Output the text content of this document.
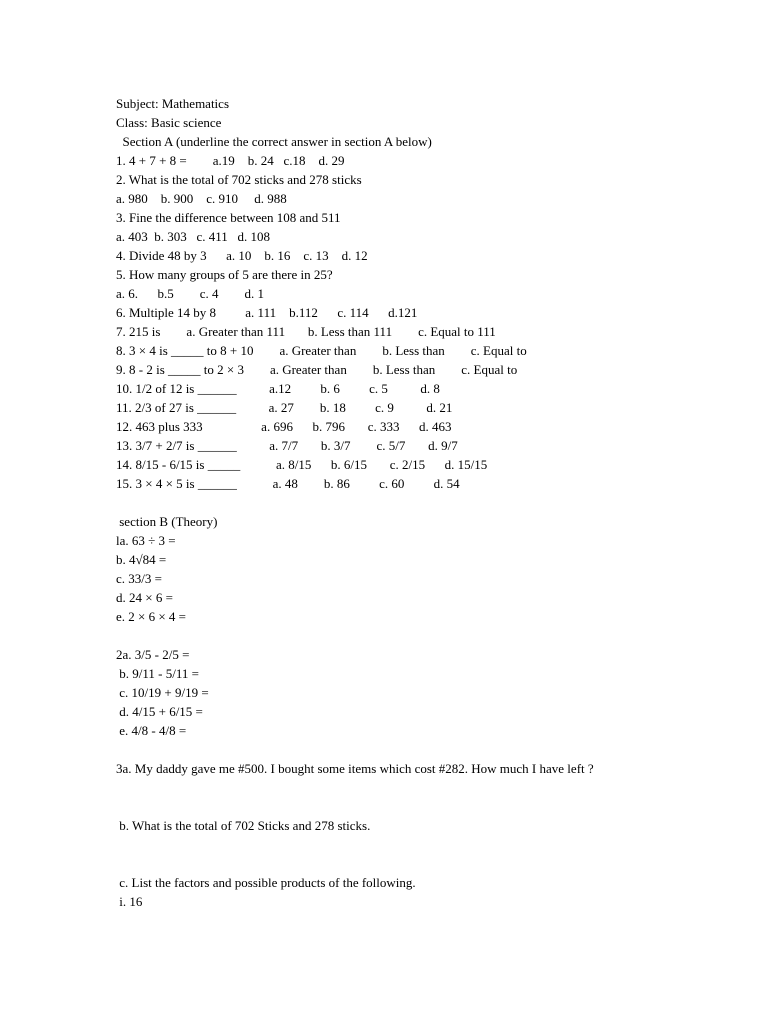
Subject: Mathematics
Class: Basic science
Section A (underline the correct answer in section A below)
1. 4 + 7 + 8 =        a.19    b. 24   c.18    d. 29
2. What is the total of 702 sticks and 278 sticks
a. 980    b. 900    c. 910     d. 988
3. Fine the difference between 108 and 511
a. 403  b. 303   c. 411   d. 108
4. Divide 48 by 3      a. 10    b. 16    c. 13    d. 12
5. How many groups of 5 are there in 25?
a. 6.      b.5        c. 4        d. 1
6. Multiple 14 by 8         a. 111    b.112      c. 114      d.121
7. 215 is        a. Greater than 111       b. Less than 111        c. Equal to 111
8. 3 × 4 is _____ to 8 + 10        a. Greater than        b. Less than        c. Equal to
9. 8 - 2 is _____ to 2 × 3        a. Greater than        b. Less than        c. Equal to
10. 1/2 of 12 is ______          a.12         b. 6         c. 5          d. 8
11. 2/3 of 27 is ______          a. 27        b. 18         c. 9          d. 21
12. 463 plus 333                  a. 696      b. 796       c. 333      d. 463
13. 3/7 + 2/7 is ______          a. 7/7       b. 3/7        c. 5/7       d. 9/7
14. 8/15 - 6/15 is _____           a. 8/15      b. 6/15       c. 2/15      d. 15/15
15. 3 × 4 × 5 is ______           a. 48        b. 86         c. 60         d. 54
section B (Theory)
la. 63 ÷ 3 =
b. 4√84 =
c. 33/3 =
d. 24 × 6 =
e. 2 × 6 × 4 =
2a. 3/5 - 2/5 =
b. 9/11 - 5/11 =
c. 10/19 + 9/19 =
d. 4/15 + 6/15 =
e. 4/8 - 4/8 =
3a. My daddy gave me #500. I bought some items which cost #282. How much I have left ?
b. What is the total of 702 Sticks and 278 sticks.
c. List the factors and possible products of the following.
i. 16
